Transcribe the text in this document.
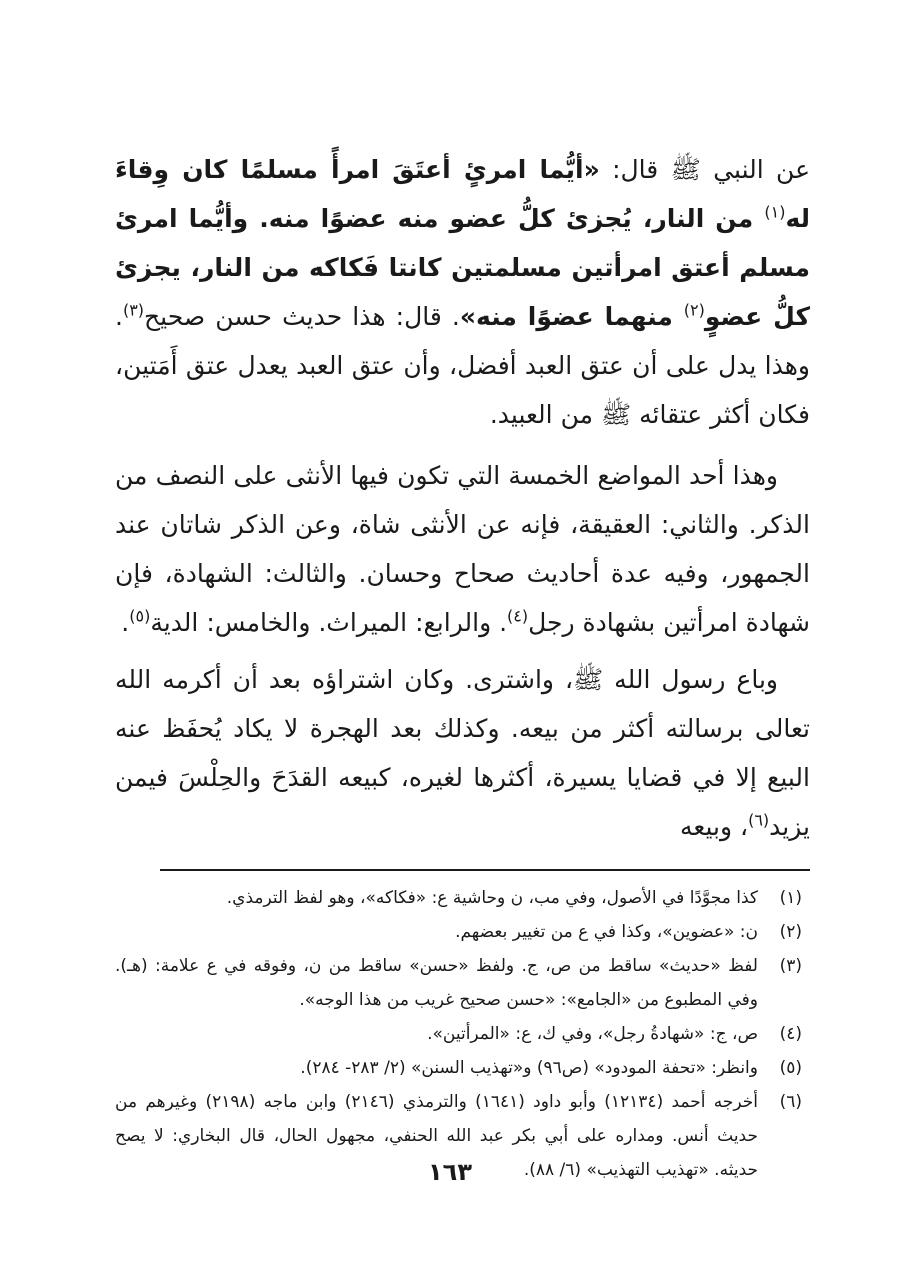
عن النبي ﷺ قال: «أيُّما امرئٍ أعتَقَ امرأً مسلمًا كان وِقاءَ له$^{(١)}$ من النار، يُجزئ كلُّ عضو منه عضوًا منه. وأيُّما امرئ مسلم أعتق امرأتين مسلمتين كانتا فَكاكه من النار، يجزئ كلُّ عضوٍ$^{(٢)}$ منهما عضوًا منه». قال: هذا حديث حسن صحيح$^{(٣)}$. وهذا يدل على أن عتق العبد أفضل، وأن عتق العبد يعدل عتق أَمَتين، فكان أكثر عتقائه ﷺ من العبيد.

وهذا أحد المواضع الخمسة التي تكون فيها الأنثى على النصف من الذكر. والثاني: العقيقة، فإنه عن الأنثى شاة، وعن الذكر شاتان عند الجمهور، وفيه عدة أحاديث صحاح وحسان. والثالث: الشهادة، فإن شهادة امرأتين بشهادة رجل$^{(٤)}$. والرابع: الميراث. والخامس: الدية$^{(٥)}$.

وباع رسول الله ﷺ، واشترى. وكان اشتراؤه بعد أن أكرمه الله تعالى برسالته أكثر من بيعه. وكذلك بعد الهجرة لا يكاد يُحفَظ عنه البيع إلا في قضايا يسيرة، أكثرها لغيره، كبيعه القدَحَ والحِلْسَ فيمن يزيد$^{(٦)}$، وبيعه

(١)
كذا مجوَّدًا في الأصول، وفي مب، ن وحاشية ع: «فكاكه»، وهو لفظ الترمذي.
(٢)
ن: «عضوين»، وكذا في ع من تغيير بعضهم.
(٣)
لفظ «حديث» ساقط من ص، ج. ولفظ «حسن» ساقط من ن، وفوقه في ع علامة: (هـ). وفي المطبوع من «الجامع»: «حسن صحيح غريب من هذا الوجه».
(٤)
ص، ج: «شهادةُ رجل»، وفي ك، ع: «المرأتين».
(٥)
وانظر: «تحفة المودود» (ص٩٦) و«تهذيب السنن» (٢/ ٢٨٣- ٢٨٤).
(٦)
أخرجه أحمد (١٢١٣٤) وأبو داود (١٦٤١) والترمذي (٢١٤٦) وابن ماجه (٢١٩٨) وغيرهم من حديث أنس. ومداره على أبي بكر عبد الله الحنفي، مجهول الحال، قال البخاري: لا يصح حديثه. «تهذيب التهذيب» (٦/ ٨٨).
١٦٣
